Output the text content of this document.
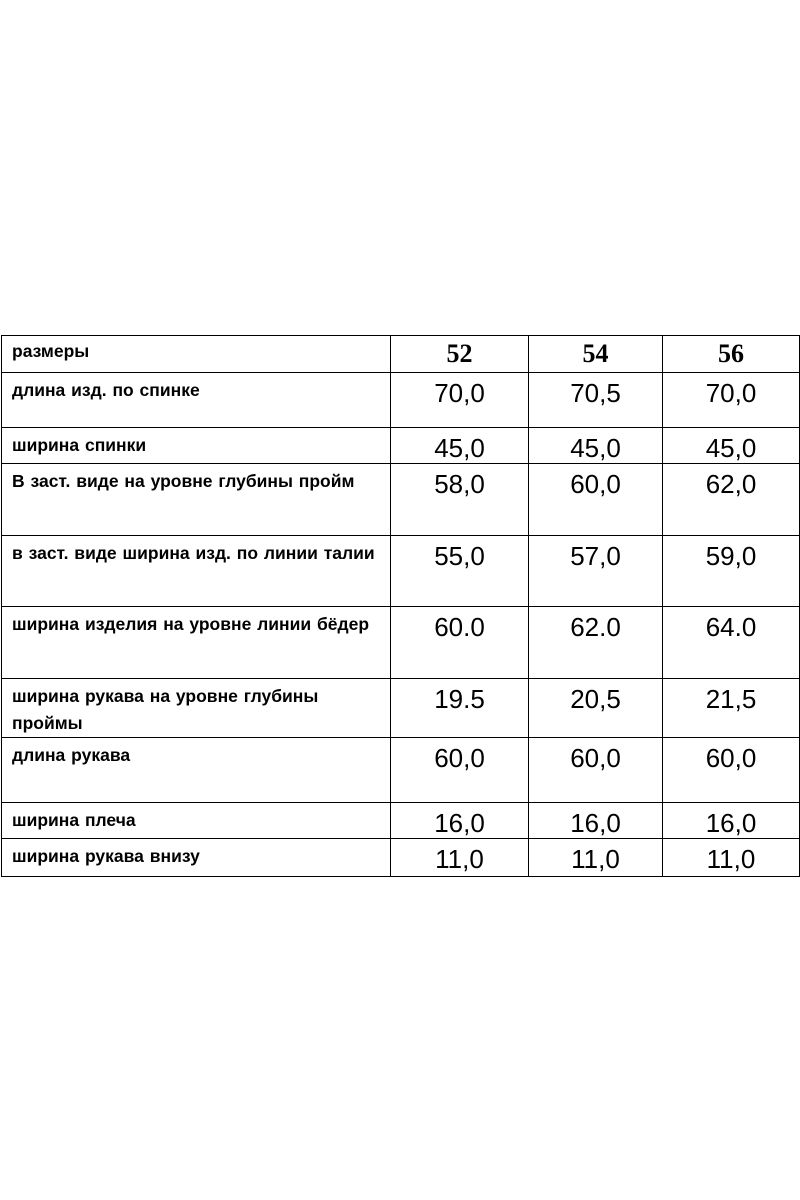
размеры	52	54	56
длина изд. по спинке	70,0	70,5	70,0
ширина спинки	45,0	45,0	45,0
В заст. виде на уровне глубины пройм	58,0	60,0	62,0
в заст. виде ширина изд. по линии талии	55,0	57,0	59,0
ширина изделия на уровне линии бёдер	60.0	62.0	64.0
ширина рукава на уровне глубины проймы	19.5	20,5	21,5
длина рукава	60,0	60,0	60,0
ширина плеча	16,0	16,0	16,0
ширина рукава внизу	11,0	11,0	11,0
